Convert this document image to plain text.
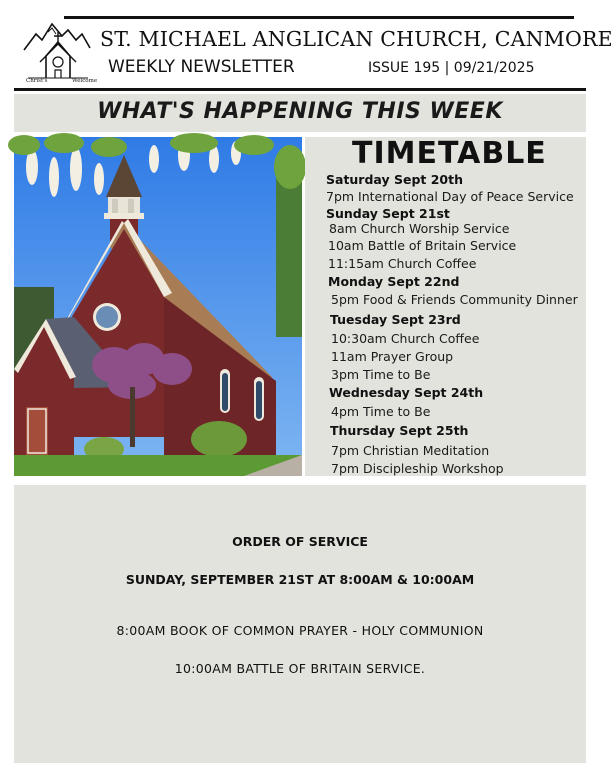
Christ's	Welcome
ST. MICHAEL ANGLICAN CHURCH, CANMORE
WEEKLY NEWSLETTER	ISSUE 195 | 09/21/2025
WHAT'S HAPPENING THIS WEEK
TIMETABLE
Saturday Sept 20th
7pm International Day of Peace Service
Sunday Sept 21st
8am Church Worship Service
10am Battle of Britain Service
11:15am Church Coffee
Monday Sept 22nd
5pm Food & Friends Community Dinner
Tuesday Sept 23rd
10:30am Church Coffee
11am Prayer Group
3pm Time to Be
Wednesday Sept 24th
4pm Time to Be
Thursday Sept 25th
7pm Christian Meditation
7pm Discipleship Workshop
ORDER OF SERVICE
SUNDAY, SEPTEMBER 21ST AT 8:00AM & 10:00AM
8:00AM BOOK OF COMMON PRAYER - HOLY COMMUNION
10:00AM BATTLE OF BRITAIN SERVICE.
